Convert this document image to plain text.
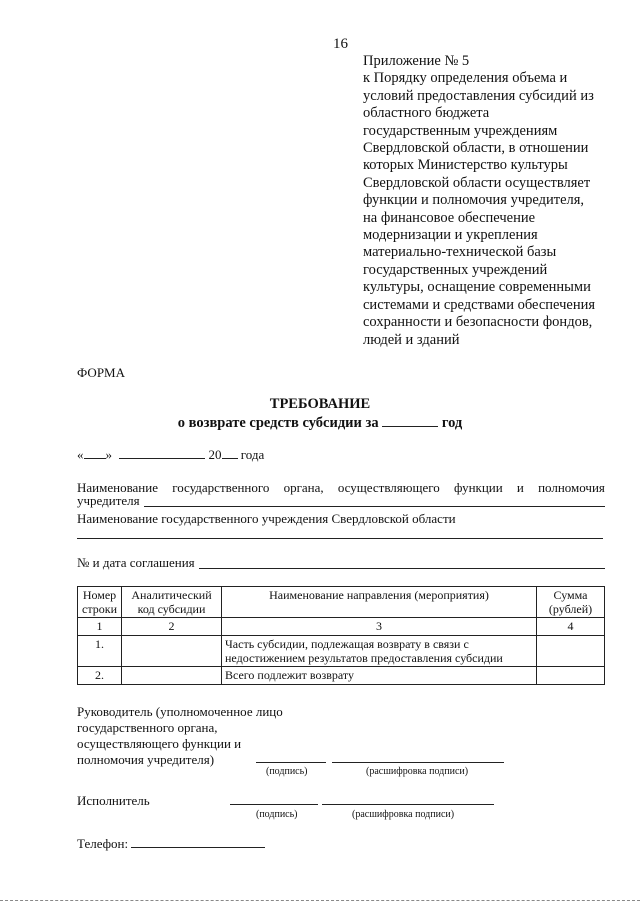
16
Приложение № 5
к Порядку определения объема и
условий предоставления субсидий из
областного бюджета
государственным учреждениям
Свердловской области, в отношении
которых Министерство культуры
Свердловской области осуществляет
функции и полномочия учредителя,
на финансовое обеспечение
модернизации и укрепления
материально-технической базы
государственных учреждений
культуры, оснащение современными
системами и средствами обеспечения
сохранности и безопасности фондов,
людей и зданий
ФОРМА
ТРЕБОВАНИЕ
о возврате средств субсидии за	год
« »	20 года
Наименование государственного органа, осуществляющего функции и полномочия
учредителя
Наименование государственного учреждения Свердловской области
№ и дата соглашения
Номер строки	Аналитический код субсидии	Наименование направления (мероприятия)	Сумма (рублей)
1	2	3	4
1.		Часть субсидии, подлежащая возврату в связи с недостижением результатов предоставления субсидии	
2.		Всего подлежит возврату	
Руководитель (уполномоченное лицо
государственного органа,
осуществляющего функции и
полномочия учредителя)
(подпись)	(расшифровка подписи)
Исполнитель
(подпись)	(расшифровка подписи)
Телефон:
